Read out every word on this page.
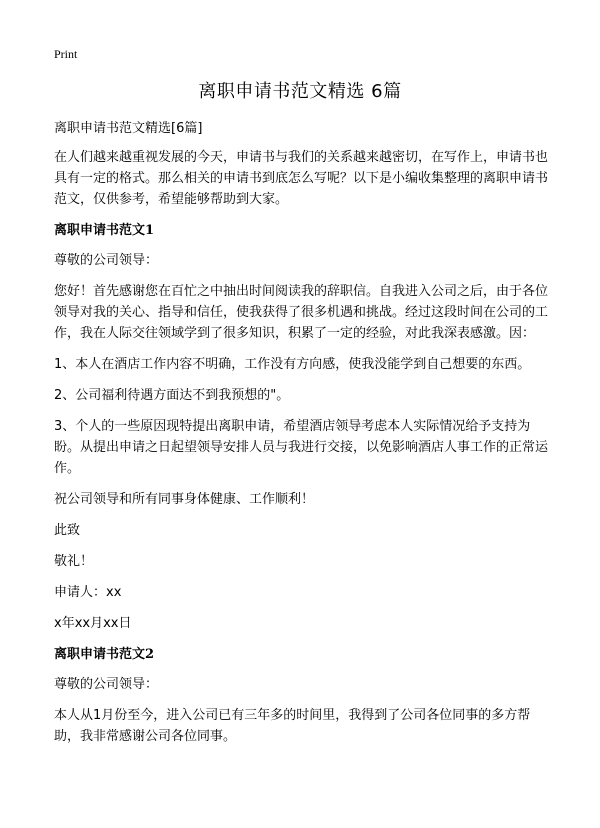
Print
离职申请书范文精选 6篇

离职申请书范文精选[6篇]

在人们越来越重视发展的今天，申请书与我们的关系越来越密切，在写作上，申请书也具有一定的格式。那么相关的申请书到底怎么写呢？以下是小编收集整理的离职申请书范文，仅供参考，希望能够帮助到大家。

离职申请书范文1

尊敬的公司领导：

您好！首先感谢您在百忙之中抽出时间阅读我的辞职信。自我进入公司之后，由于各位领导对我的关心、指导和信任，使我获得了很多机遇和挑战。经过这段时间在公司的工作，我在人际交往领域学到了很多知识，积累了一定的经验，对此我深表感激。因：

1、本人在酒店工作内容不明确，工作没有方向感，使我没能学到自己想要的东西。

2、公司福利待遇方面达不到我预想的"。

3、个人的一些原因现特提出离职申请，希望酒店领导考虑本人实际情况给予支持为盼。从提出申请之日起望领导安排人员与我进行交接，以免影响酒店人事工作的正常运作。

祝公司领导和所有同事身体健康、工作顺利！

此致

敬礼！

申请人：xx

x年xx月xx日

离职申请书范文2

尊敬的公司领导：

本人从1月份至今，进入公司已有三年多的时间里，我得到了公司各位同事的多方帮助，我非常感谢公司各位同事。
